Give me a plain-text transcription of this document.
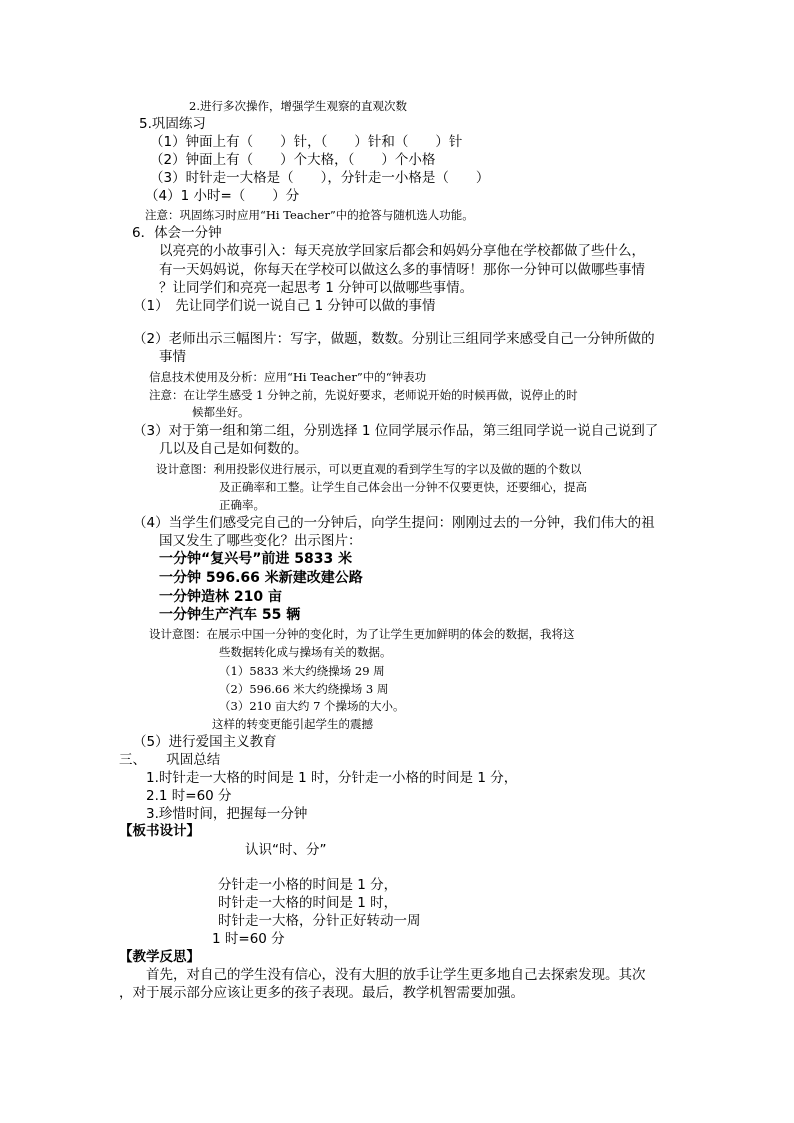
2.进行多次操作，增强学生观察的直观次数
5.巩固练习
（1）钟面上有（　　）针，（　　）针和（　　）针
（2）钟面上有（　　）个大格，（　　）个小格
（3）时针走一大格是（　　），分针走一小格是（　　）
（4）1 小时=（　　）分
注意：巩固练习时应用“Hi Teacher”中的抢答与随机选人功能。
6．体会一分钟
以亮亮的小故事引入：每天亮放学回家后都会和妈妈分享他在学校都做了些什么，
有一天妈妈说，你每天在学校可以做这么多的事情呀！那你一分钟可以做哪些事情
？让同学们和亮亮一起思考 1 分钟可以做哪些事情。
（1）　先让同学们说一说自己 1 分钟可以做的事情
（2）老师出示三幅图片：写字，做题，数数。分别让三组同学来感受自己一分钟所做的
事情
信息技术使用及分析：应用“Hi Teacher”中的“钟表功
注意：在让学生感受 1 分钟之前，先说好要求，老师说开始的时候再做，说停止的时
候都坐好。
（3）对于第一组和第二组，分别选择 1 位同学展示作品，第三组同学说一说自己说到了
几以及自己是如何数的。
设计意图：利用投影仪进行展示，可以更直观的看到学生写的字以及做的题的个数以
及正确率和工整。让学生自己体会出一分钟不仅要更快，还要细心，提高
正确率。
（4）当学生们感受完自己的一分钟后，向学生提问：刚刚过去的一分钟，我们伟大的祖
国又发生了哪些变化？出示图片：
一分钟“复兴号”前进 5833 米
一分钟 596.66 米新建改建公路
一分钟造林 210 亩
一分钟生产汽车 55 辆
设计意图：在展示中国一分钟的变化时，为了让学生更加鲜明的体会的数据，我将这
些数据转化成与操场有关的数据。
（1）5833 米大约绕操场 29 周
（2）596.66 米大约绕操场 3 周
（3）210 亩大约 7 个操场的大小。
这样的转变更能引起学生的震撼
（5）进行爱国主义教育
三、　　巩固总结
1.时针走一大格的时间是 1 时，分针走一小格的时间是 1 分，
2.1 时=60 分
3.珍惜时间，把握每一分钟
【板书设计】
认识“时、分”
分针走一小格的时间是 1 分，
时针走一大格的时间是 1 时，
时针走一大格，分针正好转动一周
1 时=60 分
【教学反思】
首先，对自己的学生没有信心，没有大胆的放手让学生更多地自己去探索发现。其次
，对于展示部分应该让更多的孩子表现。最后，教学机智需要加强。
